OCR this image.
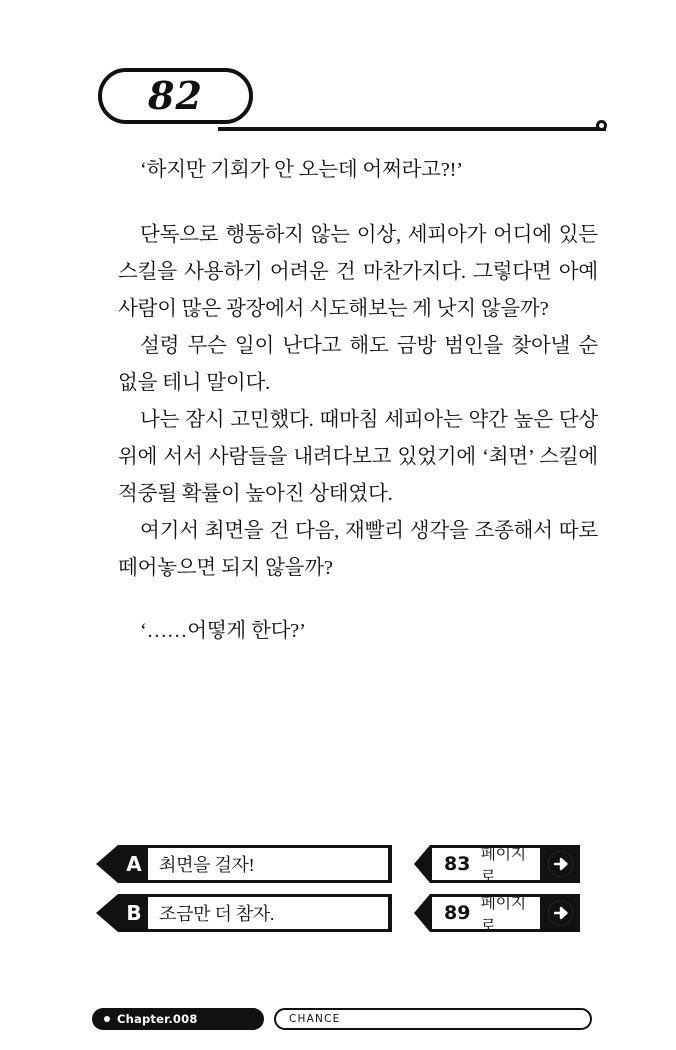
82

‘하지만 기회가 안 오는데 어쩌라고?!’

단독으로 행동하지 않는 이상, 세피아가 어디에 있든 스킬을 사용하기 어려운 건 마찬가지다. 그렇다면 아예 사람이 많은 광장에서 시도해보는 게 낫지 않을까?

설령 무슨 일이 난다고 해도 금방 범인을 찾아낼 순 없을 테니 말이다.

나는 잠시 고민했다. 때마침 세피아는 약간 높은 단상 위에 서서 사람들을 내려다보고 있었기에 ‘최면’ 스킬에 적중될 확률이 높아진 상태였다.

여기서 최면을 건 다음, 재빨리 생각을 조종해서 따로 떼어놓으면 되지 않을까?

‘……어떻게 한다?’

A 최면을 걸자!	83 페이지로
B 조금만 더 참자.	89 페이지로
Chapter.008	CHANCE
